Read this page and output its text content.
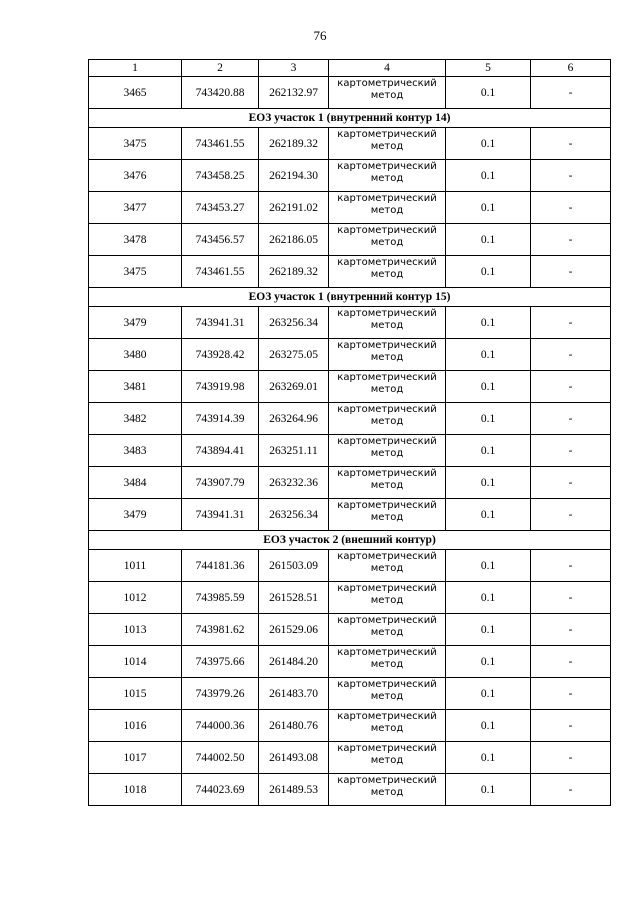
76
1	2	3	4	5	6
3465	743420.88	262132.97	картометрический метод	0.1	-
ЕОЗ участок 1 (внутренний контур 14)					
3475	743461.55	262189.32	картометрический метод	0.1	-
3476	743458.25	262194.30	картометрический метод	0.1	-
3477	743453.27	262191.02	картометрический метод	0.1	-
3478	743456.57	262186.05	картометрический метод	0.1	-
3475	743461.55	262189.32	картометрический метод	0.1	-
ЕОЗ участок 1 (внутренний контур 15)					
3479	743941.31	263256.34	картометрический метод	0.1	-
3480	743928.42	263275.05	картометрический метод	0.1	-
3481	743919.98	263269.01	картометрический метод	0.1	-
3482	743914.39	263264.96	картометрический метод	0.1	-
3483	743894.41	263251.11	картометрический метод	0.1	-
3484	743907.79	263232.36	картометрический метод	0.1	-
3479	743941.31	263256.34	картометрический метод	0.1	-
ЕОЗ участок 2 (внешний контур)					
1011	744181.36	261503.09	картометрический метод	0.1	-
1012	743985.59	261528.51	картометрический метод	0.1	-
1013	743981.62	261529.06	картометрический метод	0.1	-
1014	743975.66	261484.20	картометрический метод	0.1	-
1015	743979.26	261483.70	картометрический метод	0.1	-
1016	744000.36	261480.76	картометрический метод	0.1	-
1017	744002.50	261493.08	картометрический метод	0.1	-
1018	744023.69	261489.53	картометрический метод	0.1	-
